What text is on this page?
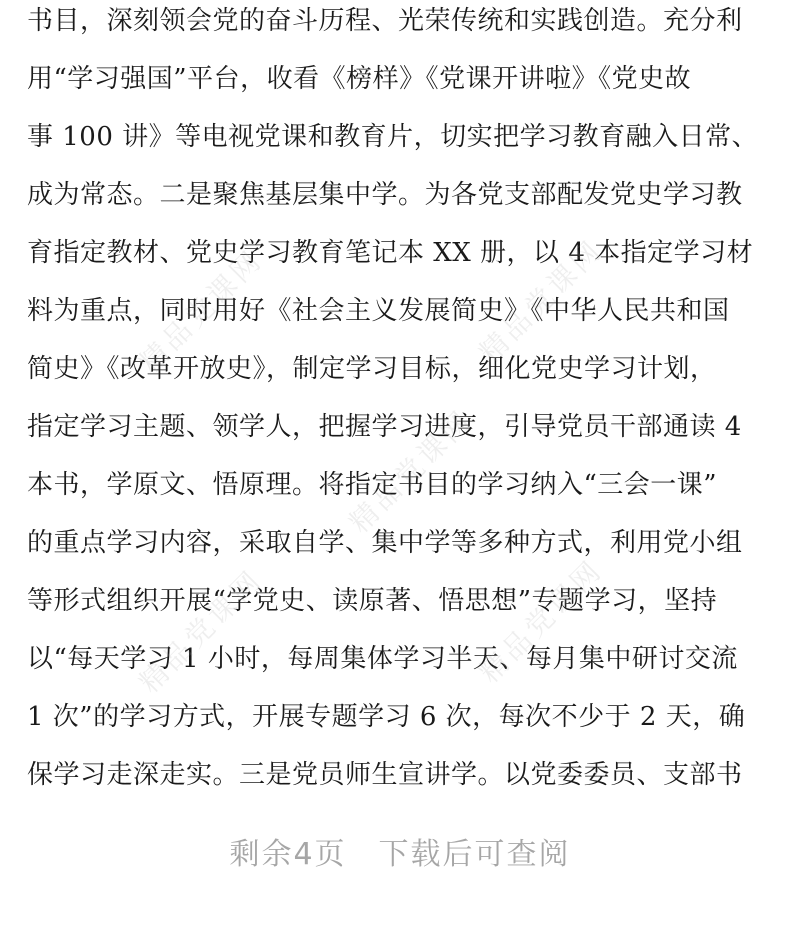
书目，深刻领会党的奋斗历程、光荣传统和实践创造。充分利
用“学习强国”平台，收看《榜样》《党课开讲啦》《党史故
事 100 讲》等电视党课和教育片，切实把学习教育融入日常、
成为常态。二是聚焦基层集中学。为各党支部配发党史学习教
育指定教材、党史学习教育笔记本 XX 册，以 4 本指定学习材
料为重点，同时用好《社会主义发展简史》《中华人民共和国
简史》《改革开放史》，制定学习目标，细化党史学习计划，
指定学习主题、领学人，把握学习进度，引导党员干部通读 4
本书，学原文、悟原理。将指定书目的学习纳入“三会一课”
的重点学习内容，采取自学、集中学等多种方式，利用党小组
等形式组织开展“学党史、读原著、悟思想”专题学习，坚持
以“每天学习 1 小时，每周集体学习半天、每月集中研讨交流
1 次”的学习方式，开展专题学习 6 次，每次不少于 2 天，确
保学习走深走实。三是党员师生宣讲学。以党委委员、支部书
精品党课网	精品党课网
精品党课网
精品党课网	精品党课网
剩余4页　下载后可查阅
